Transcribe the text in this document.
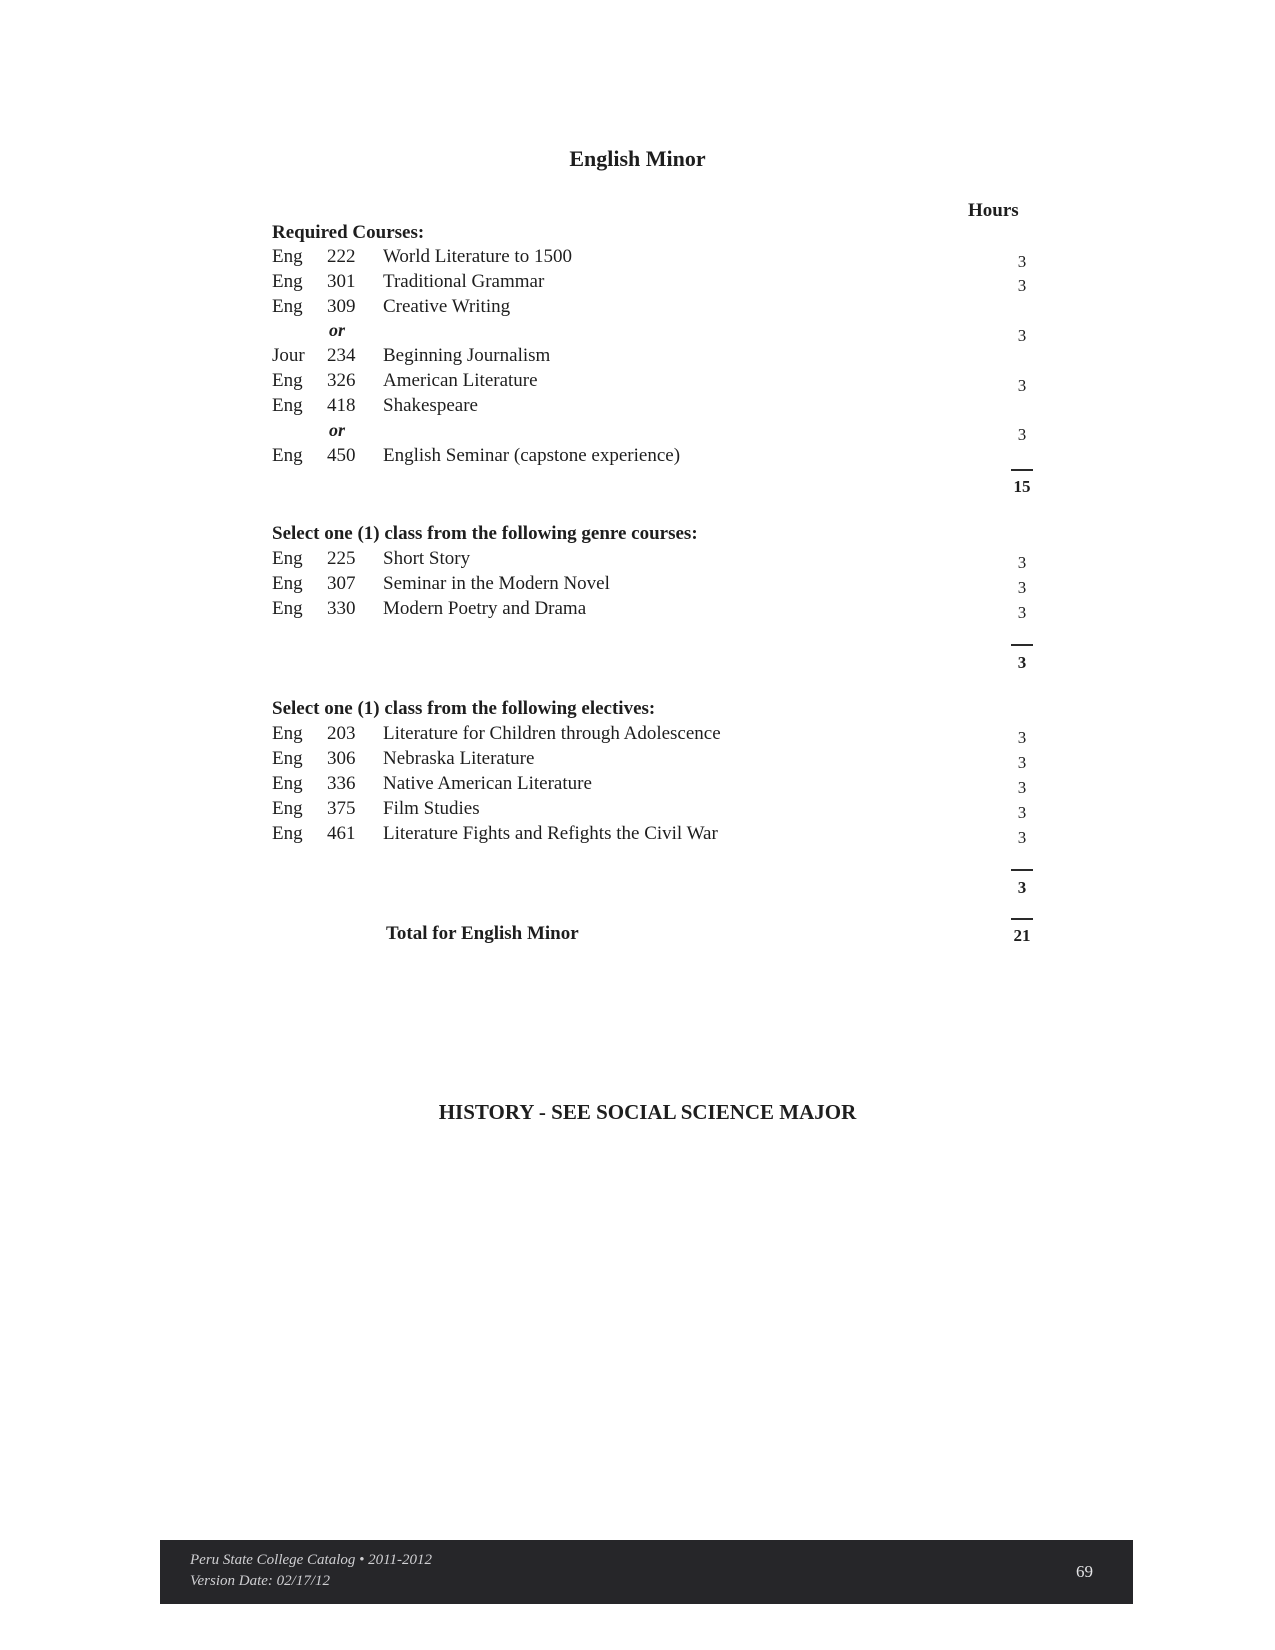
English Minor
Hours
Required Courses:
Eng 222 World Literature to 1500
Eng 301 Traditional Grammar
Eng 309 Creative Writing
or
Jour 234 Beginning Journalism
Eng 326 American Literature
Eng 418 Shakespeare
or
Eng 450 English Seminar (capstone experience)
3
3
3
3
3
15
Select one (1) class from the following genre courses:
Eng 225 Short Story
Eng 307 Seminar in the Modern Novel
Eng 330 Modern Poetry and Drama
3
3
3
3
Select one (1) class from the following electives:
Eng 203 Literature for Children through Adolescence
Eng 306 Nebraska Literature
Eng 336 Native American Literature
Eng 375 Film Studies
Eng 461 Literature Fights and Refights the Civil War
3
3
3
3
3
3
Total for English Minor	21
HISTORY - SEE SOCIAL SCIENCE MAJOR
Peru State College Catalog • 2011-2012
Version Date: 02/17/12	69
